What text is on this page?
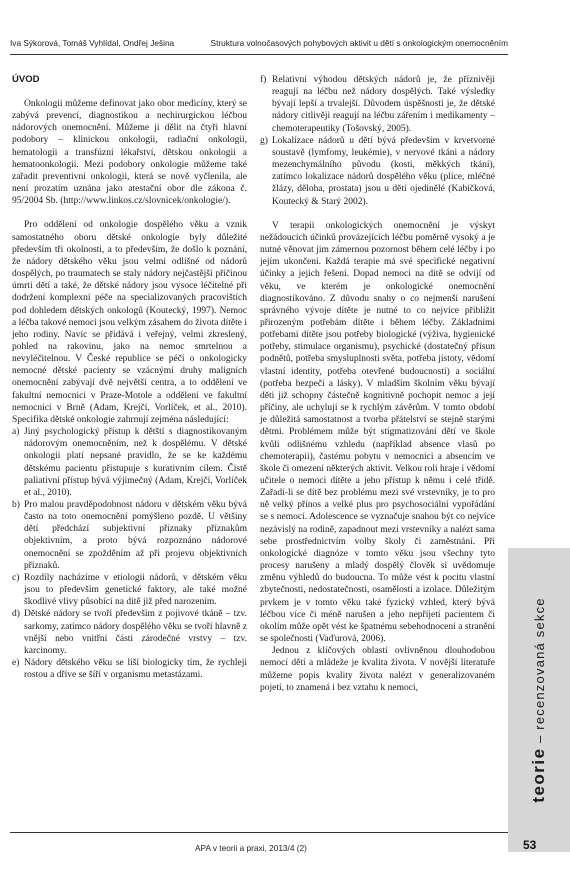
Iva Sýkorová, Tomáš Vyhlídal, Ondřej Ješina	Struktura volnočasových pohybových aktivit u dětí s onkologickým onemocněním
ÚVOD

Onkologii můžeme definovat jako obor medicíny, který se zabývá prevencí, diagnostikou a nechirurgickou léčbou nádorových onemocnění. Můžeme ji dělit na čtyři hlavní podobory – klinickou onkologii, radiační onkologii, hematologii a transfúzní lékařství, dětskou onkologii a hematoonkologii. Mezi podobory onkologie můžeme také zařadit preventivní onkologii, která se nově vyčlenila, ale není prozatím uznána jako atestační obor dle zákona č. 95/2004 Sb. (http://www.linkos.cz/slovnicek/onkologie/).

Pro oddělení od onkologie dospělého věku a vznik samostatného oboru dětské onkologie byly důležité především tři okolnosti, a to především, že došlo k poznání, že nádory dětského věku jsou velmi odlišné od nádorů dospělých, po traumatech se staly nádory nejčastější příčinou úmrtí dětí a také, že dětské nádory jsou vysoce léčitelné při dodržení komplexní péče na specializovaných pracovištích pod dohledem dětských onkologů (Koutecký, 1997). Nemoc a léčba takové nemoci jsou velkým zásahem do života dítěte i jeho rodiny. Navíc se přidává i veřejný, velmi zkreslený, pohled na rakovinu, jako na nemoc smrtelnou a nevyléčitelnou. V České republice se péčí o onkologicky nemocné dětské pacienty se vzácnými druhy maligních onemocnění zabývají dvě největší centra, a to oddělení ve fakultní nemocnici v Praze-Motole a oddělení ve fakultní nemocnici v Brně (Adam, Krejčí, Vorlíček, et al., 2010). Specifika dětské onkologie zahrnují zejména následující:

a) Jiný psychologický přístup k dětští s diagnostikovaným nádorovým onemocněním, než k dospělému. V dětské onkologii platí nepsané pravidlo, že se ke každému dětskému pacientu přistupuje s kurativním cílem. Čistě paliativní přístup bývá výjimečný (Adam, Krejčí, Vorlíček et al., 2010).
b) Pro malou pravděpodobnost nádoru v dětském věku bývá často na toto onemocnění pomýšleno pozdě. U většiny dětí předchází subjektivní příznaky příznakům objektivním, a proto bývá rozpoznáno nádorové onemocnění se zpožděním až při projevu objektivních příznaků.
c) Rozdíly nacházíme v etiologii nádorů, v dětském věku jsou to především genetické faktory, ale také možné škodlivé vlivy působící na dítě již před narozením.
d) Dětské nádory se tvoří především z pojivové tkáně – tzv. sarkomy, zatímco nádory dospělého věku se tvoří hlavně z vnější nebo vnitřní části zárodečné vrstvy – tzv. karcinomy.
e) Nádory dětského věku se liší biologicky tím, že rychleji rostou a dříve se šíří v organismu metastázami.
f) Relativní výhodou dětských nádorů je, že příznivěji reagují na léčbu než nádory dospělých. Také výsledky bývají lepší a trvalejší. Důvodem úspěšnosti je, že dětské nádory citlivěji reagují na léčbu zářením i medikamenty – chemoterapeutiky (Tošovský, 2005).
g) Lokalizace nádorů u dětí bývá především v krvetvorné soustavě (lymfomy, leukémie), v nervové tkáni a nádory mezenchymálního původu (kosti, měkkých tkání), zatímco lokalizace nádorů dospělého věku (plíce, mléčné žlázy, děloha, prostata) jsou u dětí ojedinělé (Kabíčková, Koutecký & Starý 2002).

V terapii onkologických onemocnění je výskyt nežádoucích účinků provázejících léčbu poměrně vysoký a je nutné věnovat jim zámernou pozornost během celé léčby i po jejím ukončení. Každá terapie má své specifické negativní účinky a jejich řešení. Dopad nemoci na dítě se odvíjí od věku, ve kterém je onkologické onemocnění diagnostikováno. Z důvodu snahy o co nejmenší narušení správného vývoje dítěte je nutné to co nejvíce přiblížit přirozeným potřebám dítěte i během léčby. Základními potřebami dítěte jsou potřeby biologické (výživa, hygienické potřeby, stimulace organismu), psychické (dostatečný přísun podnětů, potřeba smysluplnosti světa, potřeba jistoty, vědomí vlastní identity, potřeba otevřené budoucnosti) a sociální (potřeba bezpečí a lásky). V mladším školním věku bývají děti již schopny částečně kognitivně pochopit nemoc a její příčiny, ale uchylují se k rychlým závěrům. V tomto období je důležitá samostatnost a tvorba přátelství se stejně starými dětmi. Problémem může být stigmatizování dětí ve škole kvůli odlišnému vzhledu (například absence vlasů po chemoterapii), častému pobytu v nemocnici a absencím ve škole či omezení některých aktivit. Velkou roli hraje i vědomí učitele o nemoci dítěte a jeho přístup k němu i celé třídě. Zařadí-li se dítě bez problému mezi své vrstevníky, je to pro ně velký přínos a velké plus pro psychosociální vypořádání se s nemocí. Adolescence se vyznačuje snahou být co nejvíce nezávislý na rodině, zapadnout mezi vrstevníky a nalézt sama sebe prostřednictvím volby školy či zaměstnání. Při onkologické diagnóze v tomto věku jsou všechny tyto procesy narušeny a mladý dospělý člověk si uvědomuje změnu výhledů do budoucna. To může vést k pocitu vlastní zbytečnosti, nedostatečnosti, osamělosti a izolace. Důležitým prvkem je v tomto věku také fyzický vzhled, který bývá léčbou více či méně narušen a jeho nepříjetí pacientem či okolím může opět vést ke špatnému sebehodnocení a stranění se společnosti (Vaďurová, 2006).

Jednou z klíčových oblastí ovlivněnou dlouhodobou nemocí dětí a mládeže je kvalita života. V novější literatuře můžeme popis kvality života nalézt v generalizovaném pojetí, to znamená i bez vztahu k nemoci,

teorie – recenzovaná sekce
APA v teorii a praxi, 2013/4 (2)	53
